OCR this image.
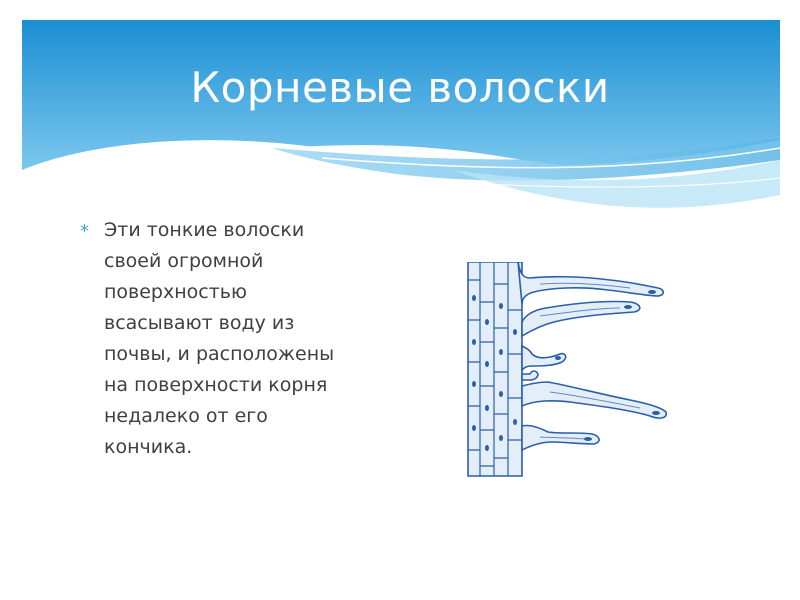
Корневые волоски
* Эти тонкие волоски
своей огромной
поверхностью
всасывают воду из
почвы, и расположены
на поверхности корня
недалеко от его
кончика.
